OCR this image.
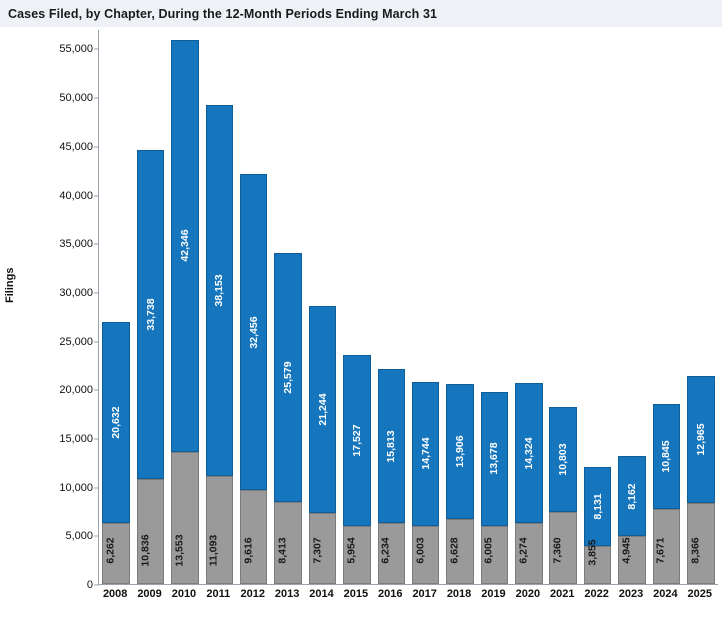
Cases Filed, by Chapter, During the 12-Month Periods Ending March 31
Filings
0
5,000
10,000
15,000
20,000
25,000
30,000
35,000
40,000
45,000
50,000
55,000
6,262
20,632
10,836
33,738
13,553
42,346
11,093
38,153
9,616
32,456
8,413
25,579
7,307
21,244
5,954
17,527
6,234
15,813
6,003
14,744
6,628
13,906
6,005
13,678
6,274
14,324
7,360
10,803
3,855
8,131
4,945
8,162
7,671
10,845
8,366
12,965
2008 2009 2010 2011 2012 2013 2014 2015 2016 2017 2018 2019 2020 2021 2022 2023 2024 2025
